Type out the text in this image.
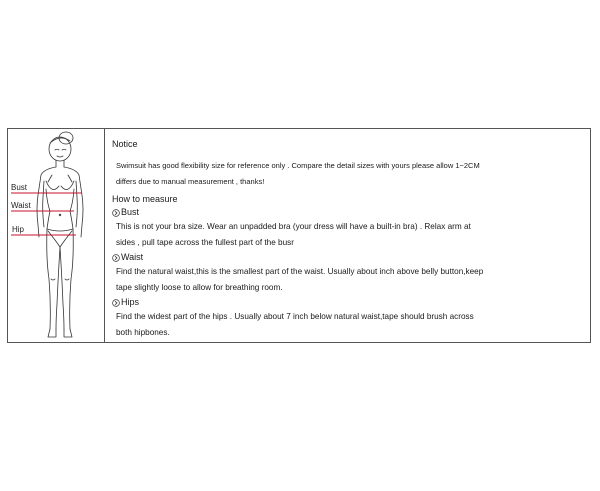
Bust
Waist
Hip

Notice

Swimsuit has good flexibility size for reference only . Compare the detail sizes with yours please allow 1~2CM

differs due to manual measurement , thanks!

How to measure

Bust

This is not your bra size. Wear an unpadded bra (your dress will have a built-in bra) . Relax arm at

sides , pull tape across the fullest part of the busr

Waist

Find the natural waist,this is the smallest part of the waist. Usually about inch above belly button,keep

tape slightly loose to allow for breathing room.

Hips

Find the widest part of the hips . Usually about 7 inch below natural waist,tape should brush across

both hipbones.
